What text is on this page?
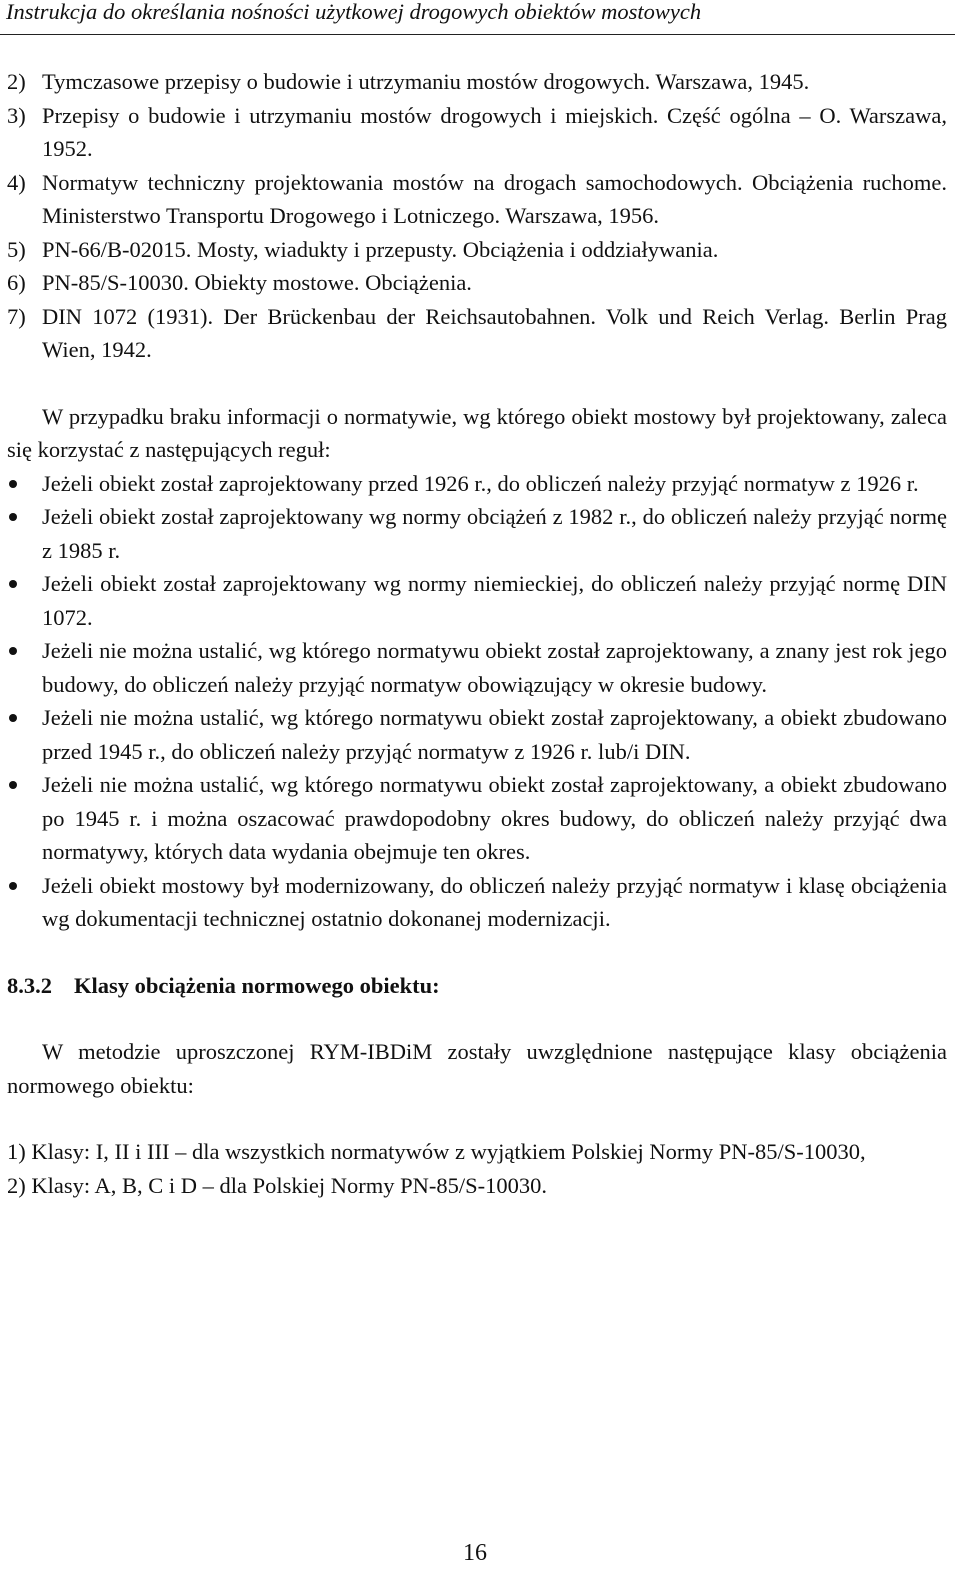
Instrukcja do określania nośności użytkowej drogowych obiektów mostowych
2) Tymczasowe przepisy o budowie i utrzymaniu mostów drogowych. Warszawa, 1945.
3) Przepisy o budowie i utrzymaniu mostów drogowych i miejskich. Część ogólna – O. Warszawa, 1952.
4) Normatyw techniczny projektowania mostów na drogach samochodowych. Obciążenia ruchome. Ministerstwo Transportu Drogowego i Lotniczego. Warszawa, 1956.
5) PN-66/B-02015. Mosty, wiadukty i przepusty. Obciążenia i oddziaływania.
6) PN-85/S-10030. Obiekty mostowe. Obciążenia.
7) DIN 1072 (1931). Der Brückenbau der Reichsautobahnen. Volk und Reich Verlag. Berlin Prag Wien, 1942.

W przypadku braku informacji o normatywie, wg którego obiekt mostowy był projektowany, zaleca się korzystać z następujących reguł:

Jeżeli obiekt został zaprojektowany przed 1926 r., do obliczeń należy przyjąć normatyw z 1926 r.
Jeżeli obiekt został zaprojektowany wg normy obciążeń z 1982 r., do obliczeń należy przyjąć normę z 1985 r.
Jeżeli obiekt został zaprojektowany wg normy niemieckiej, do obliczeń należy przyjąć normę DIN 1072.
Jeżeli nie można ustalić, wg którego normatywu obiekt został zaprojektowany, a znany jest rok jego budowy, do obliczeń należy przyjąć normatyw obowiązujący w okresie budowy.
Jeżeli nie można ustalić, wg którego normatywu obiekt został zaprojektowany, a obiekt zbudowano przed 1945 r., do obliczeń należy przyjąć normatyw z 1926 r. lub/i DIN.
Jeżeli nie można ustalić, wg którego normatywu obiekt został zaprojektowany, a obiekt zbudowano po 1945 r. i można oszacować prawdopodobny okres budowy, do obliczeń należy przyjąć dwa normatywy, których data wydania obejmuje ten okres.
Jeżeli obiekt mostowy był modernizowany, do obliczeń należy przyjąć normatyw i klasę obciążenia wg dokumentacji technicznej ostatnio dokonanej modernizacji.

8.3.2 Klasy obciążenia normowego obiektu:

W metodzie uproszczonej RYM-IBDiM zostały uwzględnione następujące klasy obciążenia normowego obiektu:

1) Klasy: I, II i III – dla wszystkich normatywów z wyjątkiem Polskiej Normy PN-85/S-10030,

2) Klasy: A, B, C i D – dla Polskiej Normy PN-85/S-10030.

16
